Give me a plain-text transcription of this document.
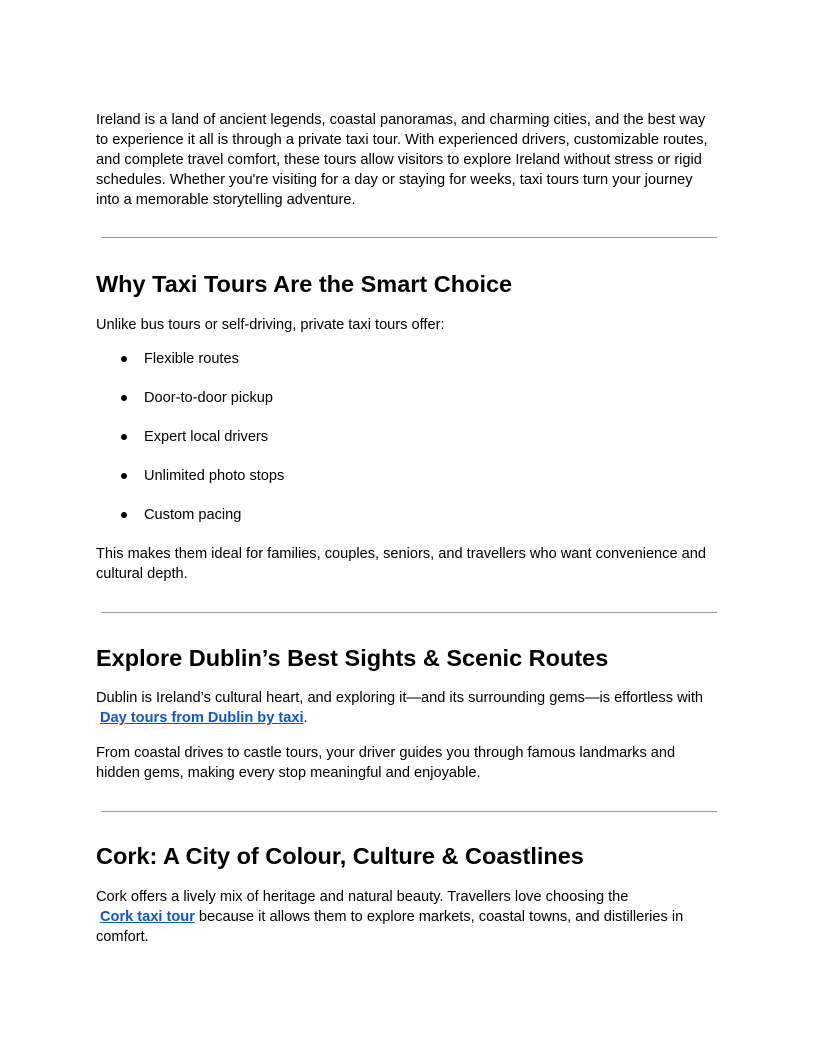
Ireland is a land of ancient legends, coastal panoramas, and charming cities, and the best way to experience it all is through a private taxi tour. With experienced drivers, customizable routes, and complete travel comfort, these tours allow visitors to explore Ireland without stress or rigid schedules. Whether you're visiting for a day or staying for weeks, taxi tours turn your journey into a memorable storytelling adventure.

Why Taxi Tours Are the Smart Choice

Unlike bus tours or self-driving, private taxi tours offer:

Flexible routes
Door-to-door pickup
Expert local drivers
Unlimited photo stops
Custom pacing

This makes them ideal for families, couples, seniors, and travellers who want convenience and cultural depth.

Explore Dublin’s Best Sights & Scenic Routes

Dublin is Ireland’s cultural heart, and exploring it—and its surrounding gems—is effortless with
Day tours from Dublin by taxi.

From coastal drives to castle tours, your driver guides you through famous landmarks and hidden gems, making every stop meaningful and enjoyable.

Cork: A City of Colour, Culture & Coastlines

Cork offers a lively mix of heritage and natural beauty. Travellers love choosing the
Cork taxi tour because it allows them to explore markets, coastal towns, and distilleries in comfort.
